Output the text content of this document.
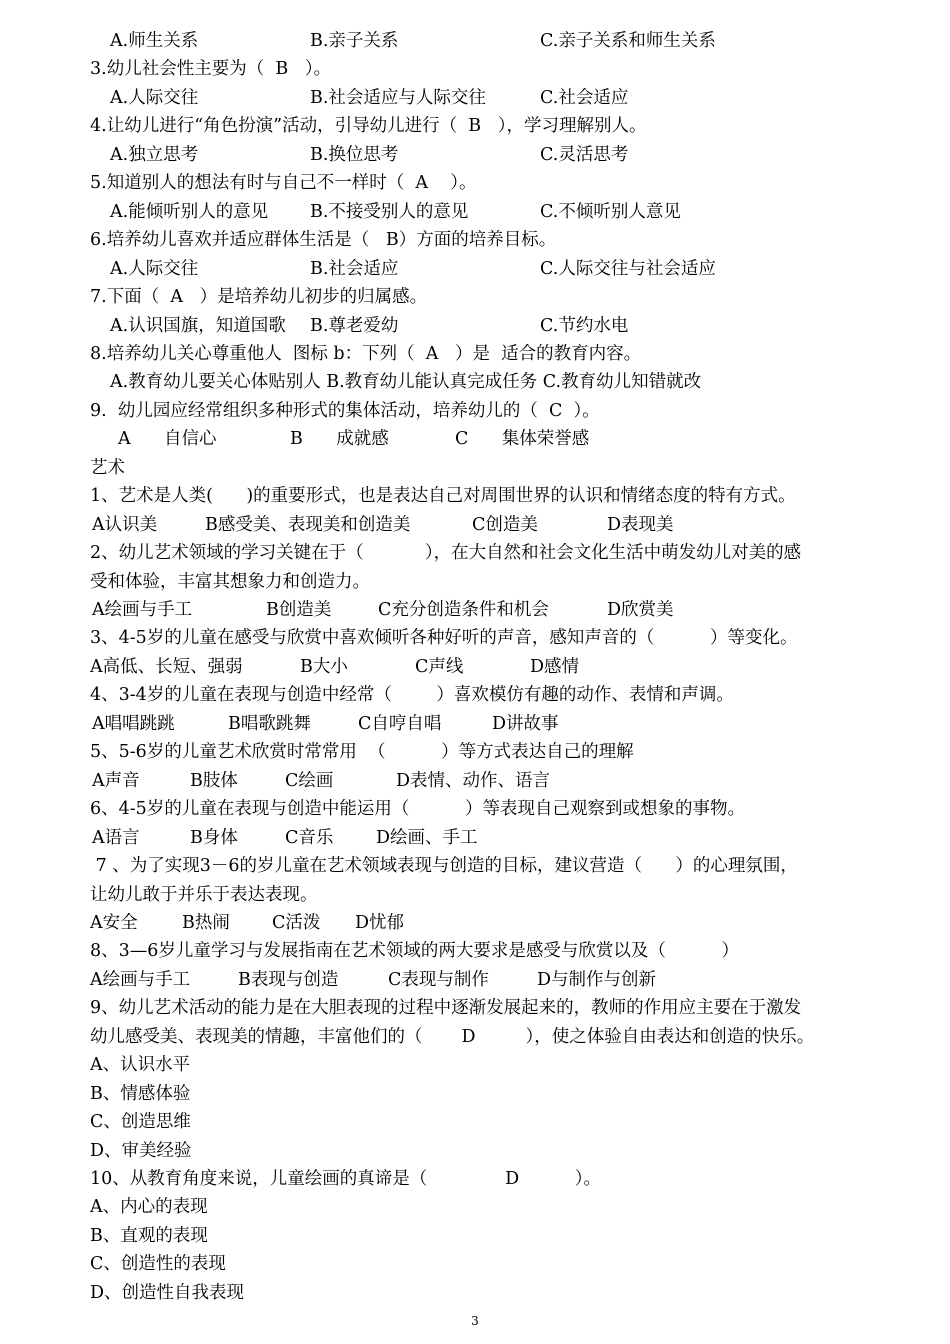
A.师生关系	B.亲子关系	C.亲子关系和师生关系
3.幼儿社会性主要为（  B   ）。
A.人际交往	B.社会适应与人际交往	C.社会适应
4.让幼儿进行“角色扮演”活动，引导幼儿进行（  B   ），学习理解别人。
A.独立思考	B.换位思考	C.灵活思考
5.知道别人的想法有时与自己不一样时（  A    ）。
A.能倾听别人的意见 B.不接受别人的意见	C.不倾听别人意见
6.培养幼儿喜欢并适应群体生活是（   B）方面的培养目标。
A.人际交往	B.社会适应	C.人际交往与社会适应
7.下面（  A   ）是培养幼儿初步的归属感。
A.认识国旗，知道国歌 B.尊老爱幼	C.节约水电
8.培养幼儿关心尊重他人  图标 b：下列（  A   ）是  适合的教育内容。
A.教育幼儿要关心体贴别人 B.教育幼儿能认真完成任务 C.教育幼儿知错就改
9.  幼儿园应经常组织多种形式的集体活动，培养幼儿的（  C  ）。
A      自信心	B      成就感	C      集体荣誉感
艺术
1、艺术是人类(      )的重要形式，也是表达自己对周围世界的认识和情绪态度的特有方式。
A认识美	B感受美、表现美和创造美	C创造美	D表现美
2、幼儿艺术领域的学习关键在于（           ），在大自然和社会文化生活中萌发幼儿对美的感
受和体验，丰富其想象力和创造力。
A绘画与手工	B创造美	C充分创造条件和机会	D欣赏美
3、4-5岁的儿童在感受与欣赏中喜欢倾听各种好听的声音，感知声音的（          ）等变化。
A高低、长短、强弱	B大小	C声线	D感情
4、3-4岁的儿童在表现与创造中经常（        ）喜欢模仿有趣的动作、表情和声调。
A唱唱跳跳	B唱歌跳舞	C自哼自唱	D讲故事
5、5-6岁的儿童艺术欣赏时常常用  （          ）等方式表达自己的理解
A声音	B肢体	C绘画	D表情、动作、语言
6、4-5岁的儿童在表现与创造中能运用（          ）等表现自己观察到或想象的事物。
A语言	B身体	C音乐 D绘画、手工
7 、为了实现3－6的岁儿童在艺术领域表现与创造的目标，建议营造（      ）的心理氛围，
让幼儿敢于并乐于表达表现。
A安全	B热闹 C活泼 D忧郁
8、3—6岁儿童学习与发展指南在艺术领域的两大要求是感受与欣赏以及（          ）
A绘画与手工	B表现与创造	C表现与制作	D与制作与创新
9、幼儿艺术活动的能力是在大胆表现的过程中逐渐发展起来的，教师的作用应主要在于激发
幼儿感受美、表现美的情趣，丰富他们的（       D         ），使之体验自由表达和创造的快乐。
A、认识水平
B、情感体验
C、创造思维
D、审美经验
10、从教育角度来说，儿童绘画的真谛是（              D          ）。
A、内心的表现
B、直观的表现
C、创造性的表现
D、创造性自我表现
3
